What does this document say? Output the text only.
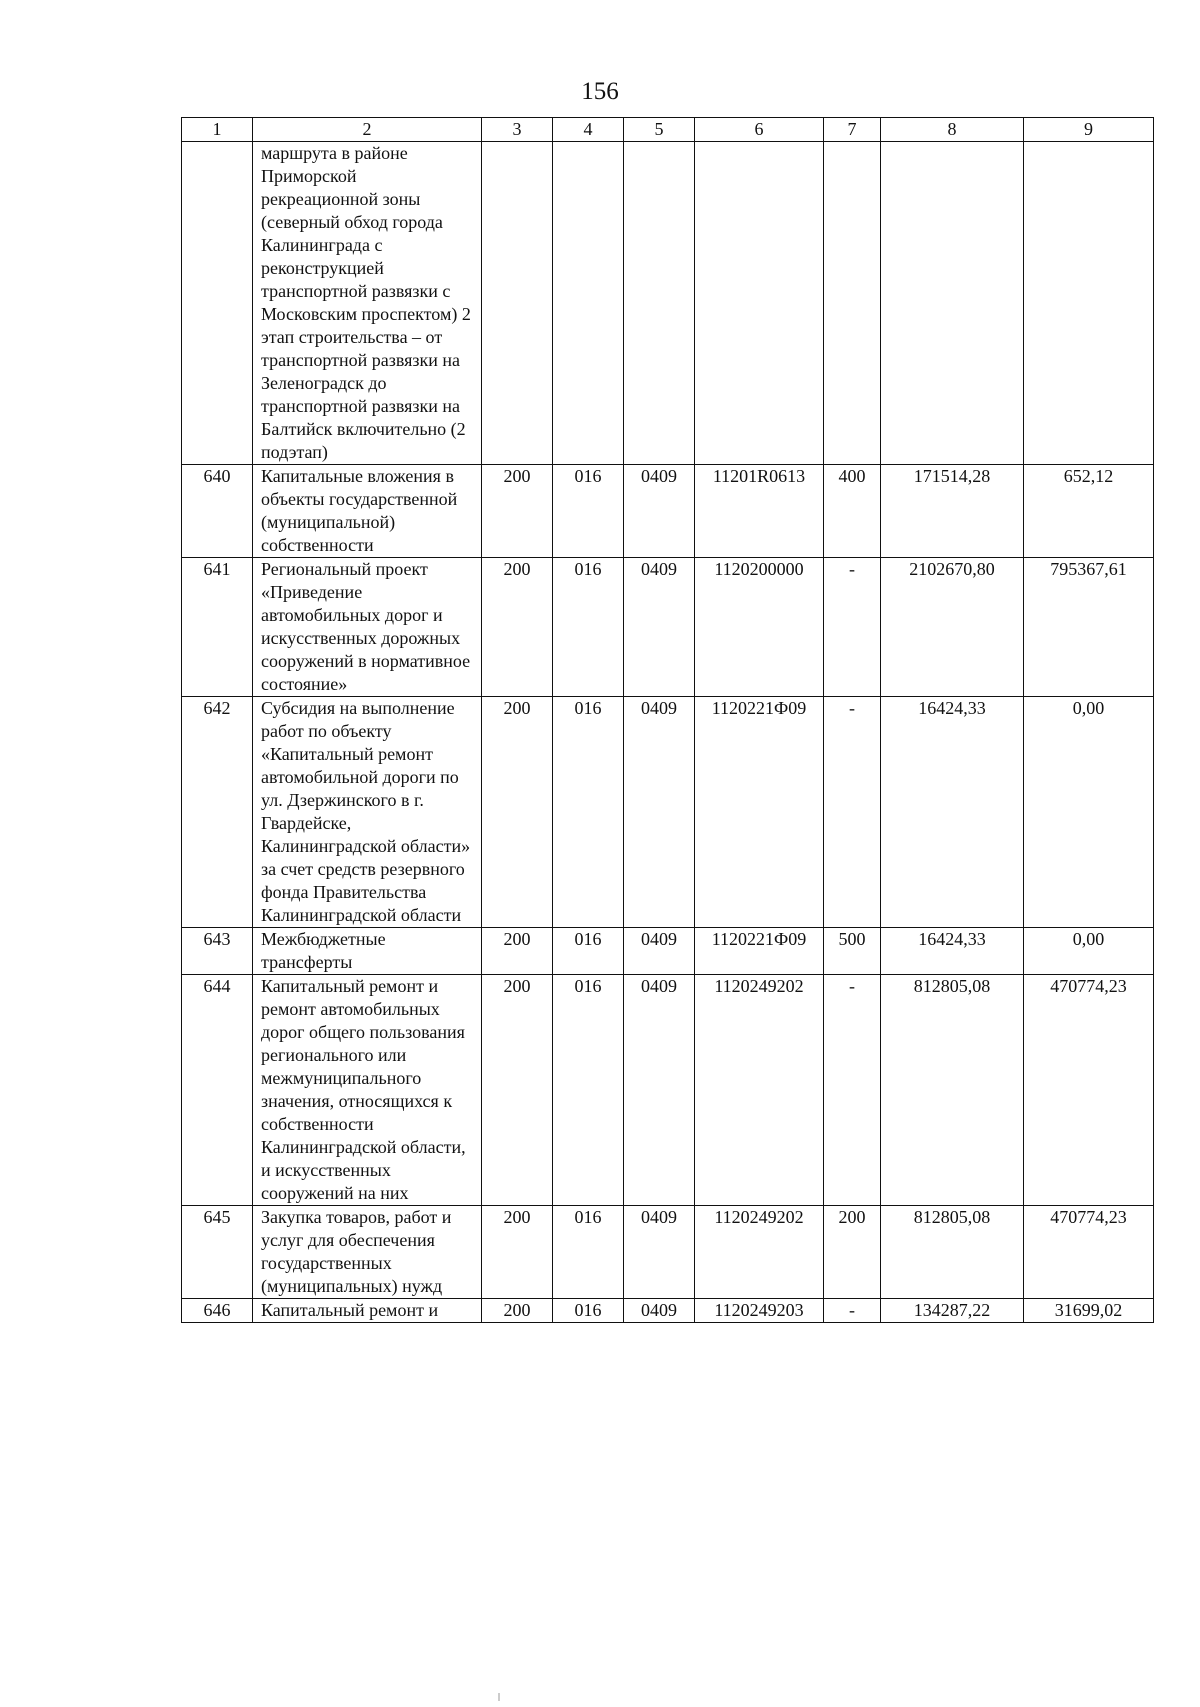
156
1	2	3	4	5	6	7	8	9
	маршрута в районе Приморской рекреационной зоны (северный обход города Калининграда с реконструкцией транспортной развязки с Московским проспектом) 2 этап строительства – от транспортной развязки на Зеленоградск до транспортной развязки на Балтийск включительно (2 подэтап)							
640	Капитальные вложения в объекты государственной (муниципальной) собственности	200	016	0409	11201R0613	400	171514,28	652,12
641	Региональный проект «Приведение автомобильных дорог и искусственных дорожных сооружений в нормативное состояние»	200	016	0409	1120200000	-	2102670,80	795367,61
642	Субсидия на выполнение работ по объекту «Капитальный ремонт автомобильной дороги по ул. Дзержинского в г. Гвардейске, Калининградской области» за счет средств резервного фонда Правительства Калининградской области	200	016	0409	1120221Ф09	-	16424,33	0,00
643	Межбюджетные трансферты	200	016	0409	1120221Ф09	500	16424,33	0,00
644	Капитальный ремонт и ремонт автомобильных дорог общего пользования регионального или межмуниципального значения, относящихся к собственности Калининградской области, и искусственных сооружений на них	200	016	0409	1120249202	-	812805,08	470774,23
645	Закупка товаров, работ и услуг для обеспечения государственных (муниципальных) нужд	200	016	0409	1120249202	200	812805,08	470774,23
646	Капитальный ремонт и	200	016	0409	1120249203	-	134287,22	31699,02
